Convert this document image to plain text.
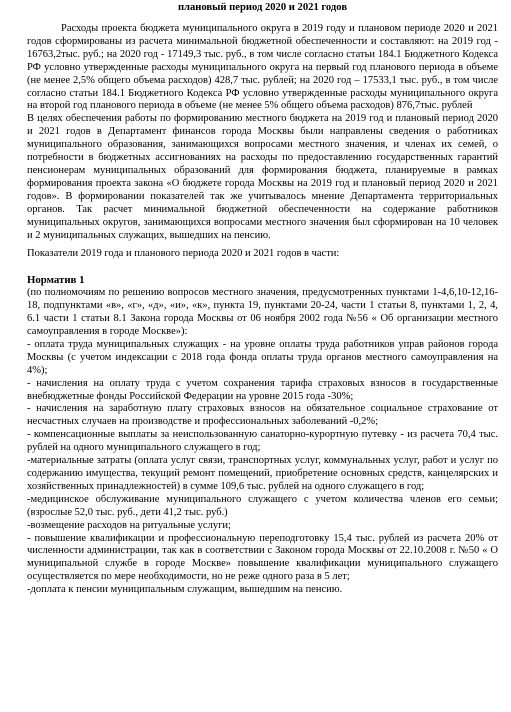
плановый период 2020 и 2021 годов

Расходы проекта бюджета муниципального округа в 2019 году и плановом периоде 2020 и 2021 годов сформированы из расчета минимальной бюджетной обеспеченности и составляют: на 2019 год - 16763,2тыс. руб.; на 2020 год - 17149,3 тыс. руб., в том числе согласно статьи 184.1 Бюджетного Кодекса РФ условно утвержденные расходы муниципального округа на первый год планового периода в объеме (не менее 2,5% общего объема расходов) 428,7 тыс. рублей; на 2020 год – 17533,1 тыс. руб., в том числе согласно статьи 184.1 Бюджетного Кодекса РФ условно утвержденные расходы муниципального округа на второй год планового периода в объеме (не менее 5% общего объема расходов) 876,7тыс. рублей

В целях обеспечения работы по формированию местного бюджета на 2019 год и плановый период 2020 и 2021 годов в Департамент финансов города Москвы были направлены сведения о работниках муниципального образования, занимающихся вопросами местного значения, и членах их семей, о потребности в бюджетных ассигнованиях на расходы по предоставлению государственных гарантий пенсионерам муниципальных образований для формирования бюджета, планируемые в рамках формирования проекта закона «О бюджете города Москвы на 2019 год и плановый период 2020 и 2021 годов». В формировании показателей так же учитывалось мнение Департамента территориальных органов. Так расчет минимальной бюджетной обеспеченности на содержание работников муниципальных округов, занимающихся вопросами местного значения был сформирован на 10 человек и 2 муниципальных служащих, вышедших на пенсию.

Показатели 2019 года и планового периода 2020 и 2021 годов в части:

Норматив 1

(по полномочиям по решению вопросов местного значения, предусмотренных пунктами 1-4,6,10-12,16-18, подпунктами «в», «г», «д», «и», «к», пункта 19, пунктами 20-24, части 1 статьи 8, пунктами 1, 2, 4, 6.1 части 1 статьи 8.1 Закона города Москвы от 06 ноября 2002 года №56 « Об организации местного самоуправления в городе Москве»):

- оплата труда муниципальных служащих - на уровне оплаты труда работников управ районов города Москвы (с учетом индексации с 2018 года фонда оплаты труда органов местного самоуправления на 4%);

- начисления на оплату труда с учетом сохранения тарифа страховых взносов в государственные внебюджетные фонды Российской Федерации на уровне 2015 года -30%;

- начисления на заработную плату страховых взносов на обязательное социальное страхование от несчастных случаев на производстве и профессиональных заболеваний -0,2%;

- компенсационные выплаты за неиспользованную санаторно-курортную путевку - из расчета 70,4 тыс. рублей на одного муниципального служащего в год;

-материальные затраты (оплата услуг связи, транспортных услуг, коммунальных услуг, работ и услуг по содержанию имущества, текущий ремонт помещений, приобретение основных средств, канцелярских и хозяйственных принадлежностей) в сумме 109,6 тыс. рублей на одного служащего в год;

-медицинское обслуживание муниципального служащего с учетом количества членов его семьи; (взрослые 52,0 тыс. руб., дети 41,2 тыс. руб.)

-возмещение расходов на ритуальные услуги;

- повышение квалификации и профессиональную переподготовку 15,4 тыс. рублей из расчета 20% от численности администрации, так как в соответствии с Законом города Москвы от 22.10.2008 г. №50 « О муниципальной службе в городе Москве» повышение квалификации муниципального служащего осуществляется по мере необходимости, но не реже одного раза в 5 лет;

-доплата к пенсии муниципальным служащим, вышедшим на пенсию.
